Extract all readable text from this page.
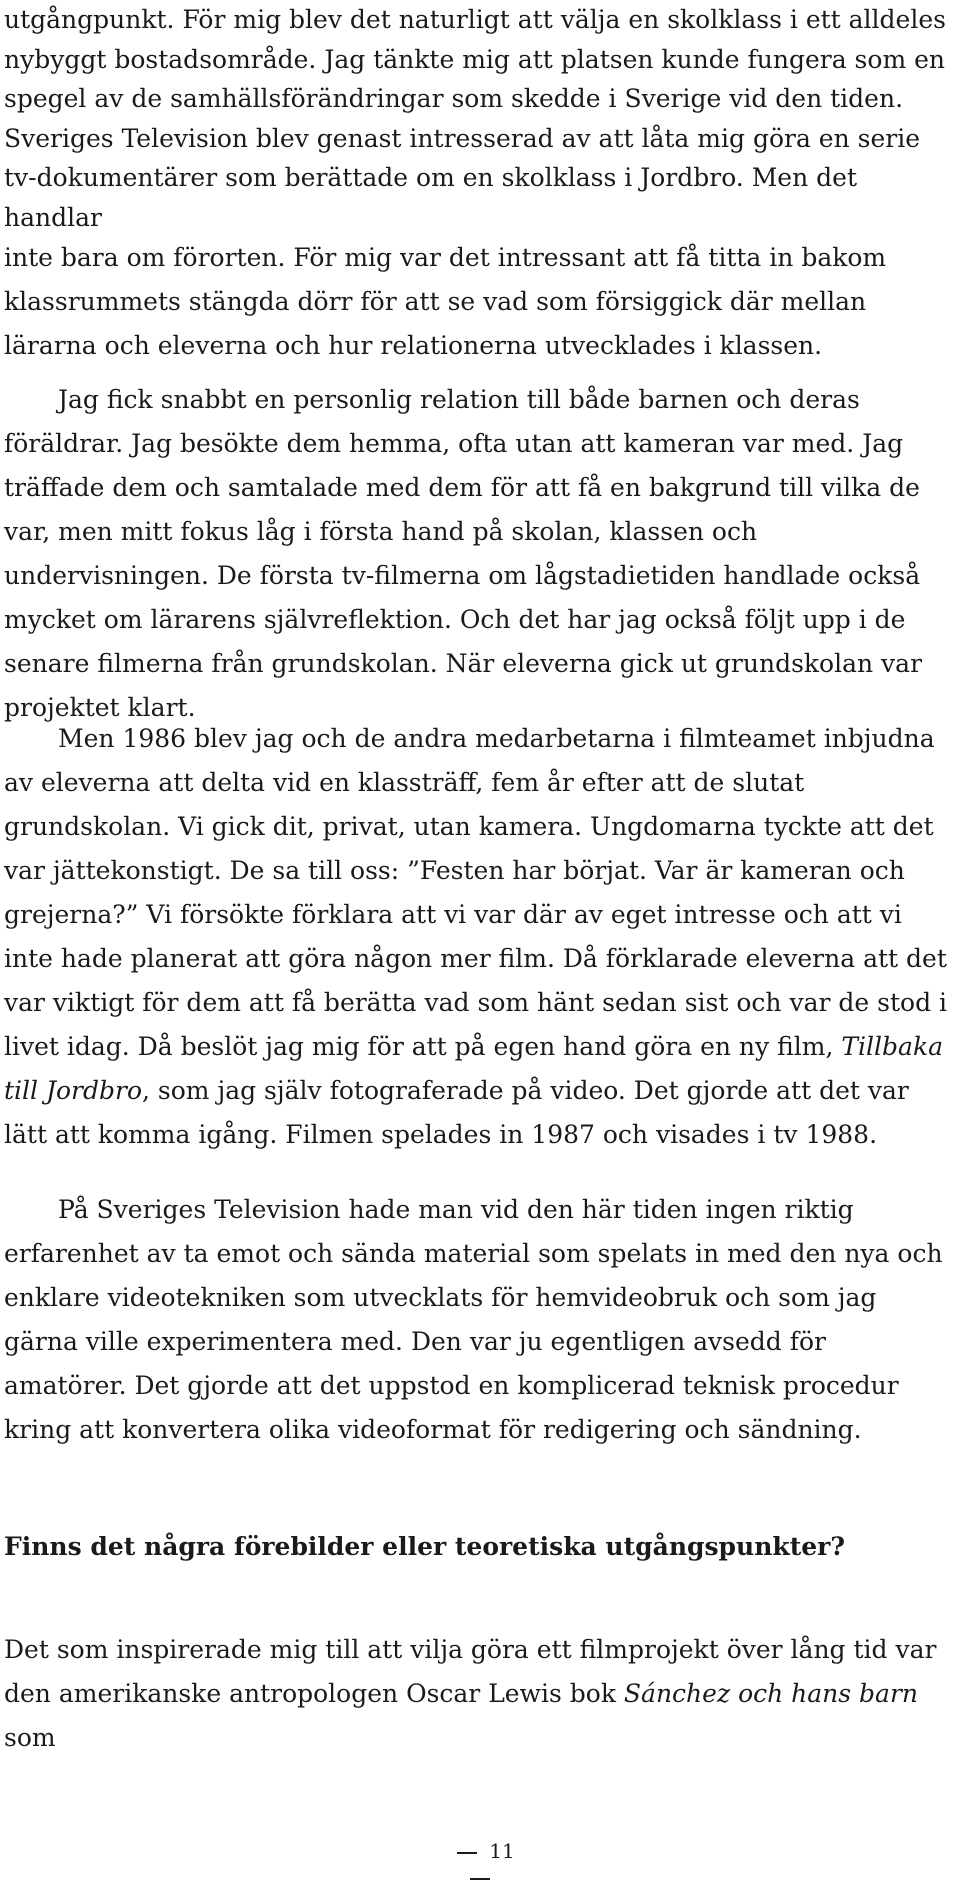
utgångpunkt. För mig blev det naturligt att välja en skolklass i ett alldeles nybyggt bostadsområde. Jag tänkte mig att platsen kunde fungera som en spegel av de samhällsförändringar som skedde i Sverige vid den tiden. Sveriges Television blev genast intresserad av att låta mig göra en serie tv-dokumentärer som berättade om en skolklass i Jordbro. Men det handlar

inte bara om förorten. För mig var det intressant att få titta in bakom klassrummets stängda dörr för att se vad som försiggick där mellan lärarna och eleverna och hur relationerna utvecklades i klassen.

Jag fick snabbt en personlig relation till både barnen och deras föräldrar. Jag besökte dem hemma, ofta utan att kameran var med. Jag träffade dem och samtalade med dem för att få en bakgrund till vilka de var, men mitt fokus låg i första hand på skolan, klassen och undervisningen. De första tv-filmerna om lågstadietiden handlade också mycket om lärarens självreflektion. Och det har jag också följt upp i de senare filmerna från grundskolan. När eleverna gick ut grundskolan var projektet klart.

Men 1986 blev jag och de andra medarbetarna i filmteamet inbjudna av eleverna att delta vid en klassträff, fem år efter att de slutat grundskolan. Vi gick dit, privat, utan kamera. Ungdomarna tyckte att det var jättekonstigt. De sa till oss: ”Festen har börjat. Var är kameran och grejerna?” Vi försökte förklara att vi var där av eget intresse och att vi inte hade planerat att göra någon mer film. Då förklarade eleverna att det var viktigt för dem att få berätta vad som hänt sedan sist och var de stod i livet idag. Då beslöt jag mig för att på egen hand göra en ny film, Tillbaka till Jordbro, som jag själv fotograferade på video. Det gjorde att det var lätt att komma igång. Filmen spelades in 1987 och visades i tv 1988.

På Sveriges Television hade man vid den här tiden ingen riktig erfarenhet av ta emot och sända material som spelats in med den nya och enklare videotekniken som utvecklats för hemvideobruk och som jag gärna ville experimentera med. Den var ju egentligen avsedd för amatörer. Det gjorde att det uppstod en komplicerad teknisk procedur kring att konvertera olika videoformat för redigering och sändning.

Finns det några förebilder eller teoretiska utgångspunkter?

Det som inspirerade mig till att vilja göra ett filmprojekt över lång tid var den amerikanske antropologen Oscar Lewis bok Sánchez och hans barn som

11
